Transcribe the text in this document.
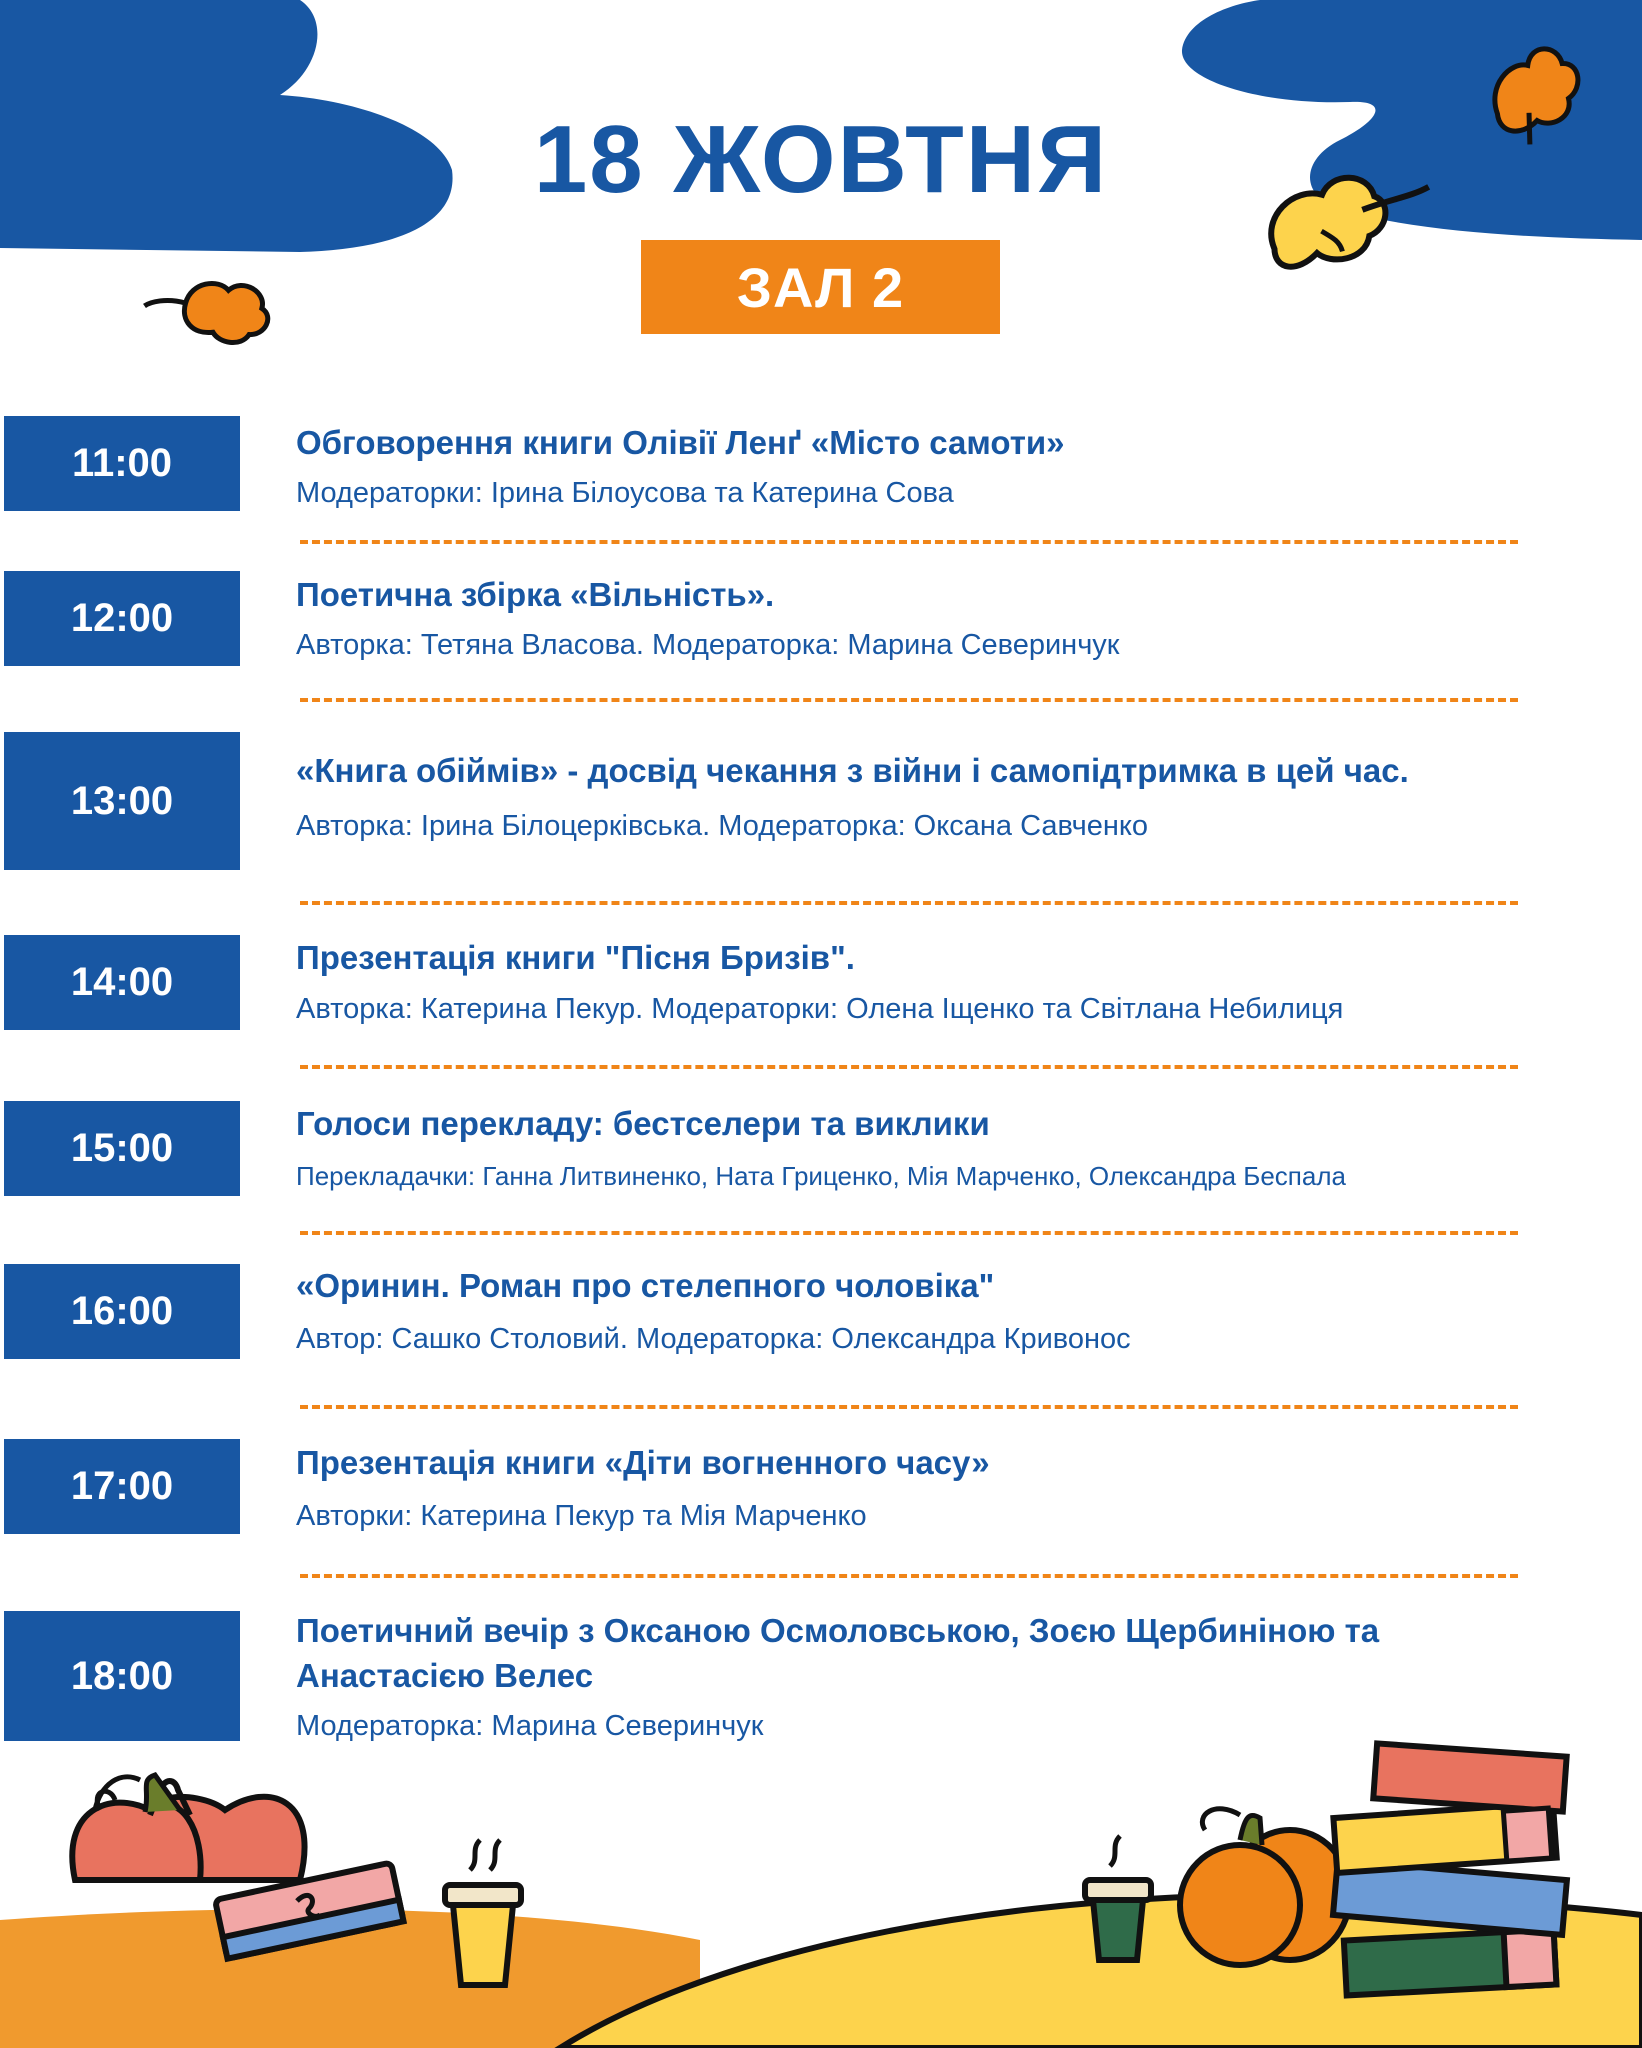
18 ЖОВТНЯ
ЗАЛ 2
11:00	Обговорення книги Олівії Ленґ «Місто самоти»
Модераторки: Ірина Білоусова та Катерина Сова
12:00
Поетична збірка «Вільність».
Авторка: Тетяна Власова. Модераторка: Марина Северинчук
13:00
«Книга обіймів» - досвід чекання з війни і самопідтримка в цей час.
Авторка: Ірина Білоцерківська. Модераторка: Оксана Савченко
14:00
Презентація книги "Пісня Бризів".
Авторка: Катерина Пекур. Модераторки: Олена Іщенко та Світлана Небилиця
15:00
Голоси перекладу: бестселери та виклики
Перекладачки: Ганна Литвиненко, Ната Гриценко, Мія Марченко, Олександра Беспала
16:00
«Оринин. Роман про стелепного чоловіка"
Автор: Сашко Столовий. Модераторка: Олександра Кривонос
17:00
Презентація книги «Діти вогненного часу»
Авторки: Катерина Пекур та Мія Марченко
18:00
Поетичний вечір з Оксаною Осмоловською, Зоєю Щербиніною та Анастасією Велес
Модераторка: Марина Северинчук
